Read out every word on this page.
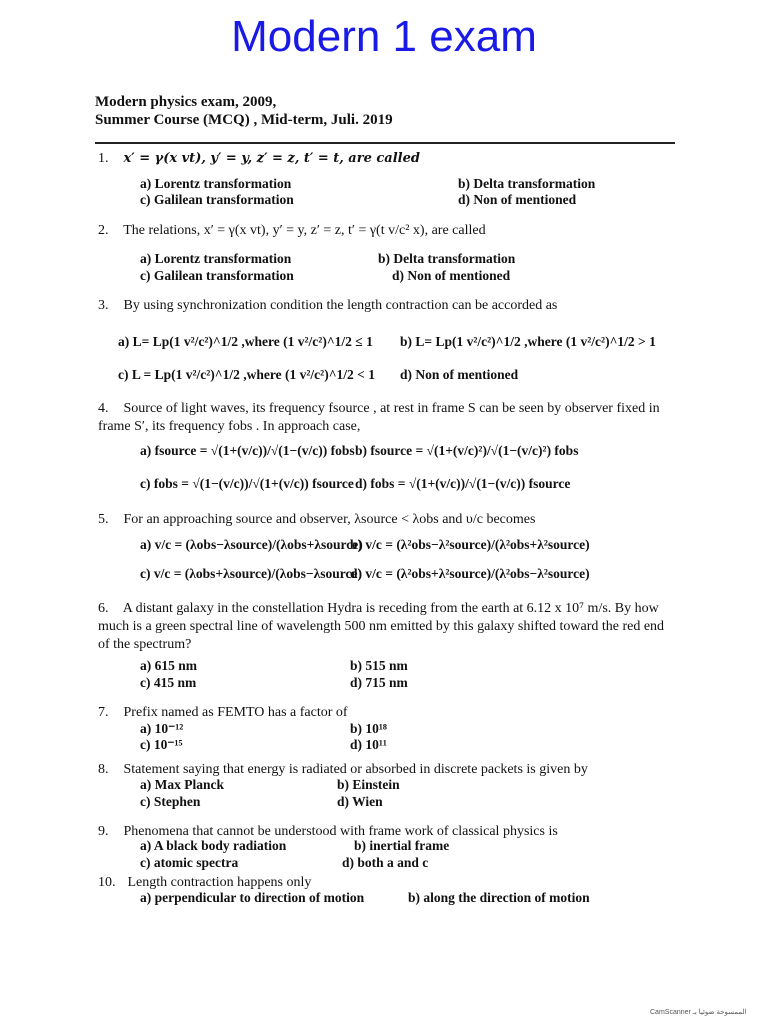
Modern 1 exam
Modern physics exam, 2009,
Summer Course (MCQ) , Mid-term, Juli. 2019
1. x′ = γ(x vt), y′ = y, z′ = z, t′ = t, are called
a) Lorentz transformation	b) Delta transformation
c) Galilean transformation	d) Non of mentioned
2. The relations, x′ = γ(x vt), y′ = y, z′ = z, t′ = γ(t v/c² x), are called
a) Lorentz transformation	b) Delta transformation
c) Galilean transformation	d) Non of mentioned
3. By using synchronization condition the length contraction can be accorded as
a) L= Lp(1 v²/c²)^1/2 ,where (1 v²/c²)^1/2 ≤ 1 b) L= Lp(1 v²/c²)^1/2 ,where (1 v²/c²)^1/2 > 1
c) L = Lp(1 v²/c²)^1/2 ,where (1 v²/c²)^1/2 < 1 d) Non of mentioned
4. Source of light waves, its frequency fsource , at rest in frame S can be seen by observer fixed in frame S′, its frequency fobs . In approach case,
a) fsource = √(1+(v/c))/√(1−(v/c)) fobs b) fsource = √(1+(v/c)²)/√(1−(v/c)²) fobs
c) fobs = √(1−(v/c))/√(1+(v/c)) fsource d) fobs = √(1+(v/c))/√(1−(v/c)) fsource
5. For an approaching source and observer, λsource < λobs and υ/c becomes
a) v/c = (λobs−λsource)/(λobs+λsource)
b) v/c = (λ²obs−λ²source)/(λ²obs+λ²source)
c) v/c = (λobs+λsource)/(λobs−λsource)
d) v/c = (λ²obs+λ²source)/(λ²obs−λ²source)
6. A distant galaxy in the constellation Hydra is receding from the earth at 6.12 x 10⁷ m/s. By how much is a green spectral line of wavelength 500 nm emitted by this galaxy shifted toward the red end of the spectrum?
a) 615 nm	b) 515 nm
c) 415 nm	d) 715 nm
7. Prefix named as FEMTO has a factor of
a) 10⁻¹²	b) 10¹⁸
c) 10⁻¹⁵	d) 10¹¹
8. Statement saying that energy is radiated or absorbed in discrete packets is given by
a) Max Planck	b) Einstein
c) Stephen	d) Wien
9. Phenomena that cannot be understood with frame work of classical physics is
a) A black body radiation	b) inertial frame
c) atomic spectra	d) both a and c
10. Length contraction happens only
a) perpendicular to direction of motion	b) along the direction of motion
CamScanner الممسوحة ضوئيا بـ
